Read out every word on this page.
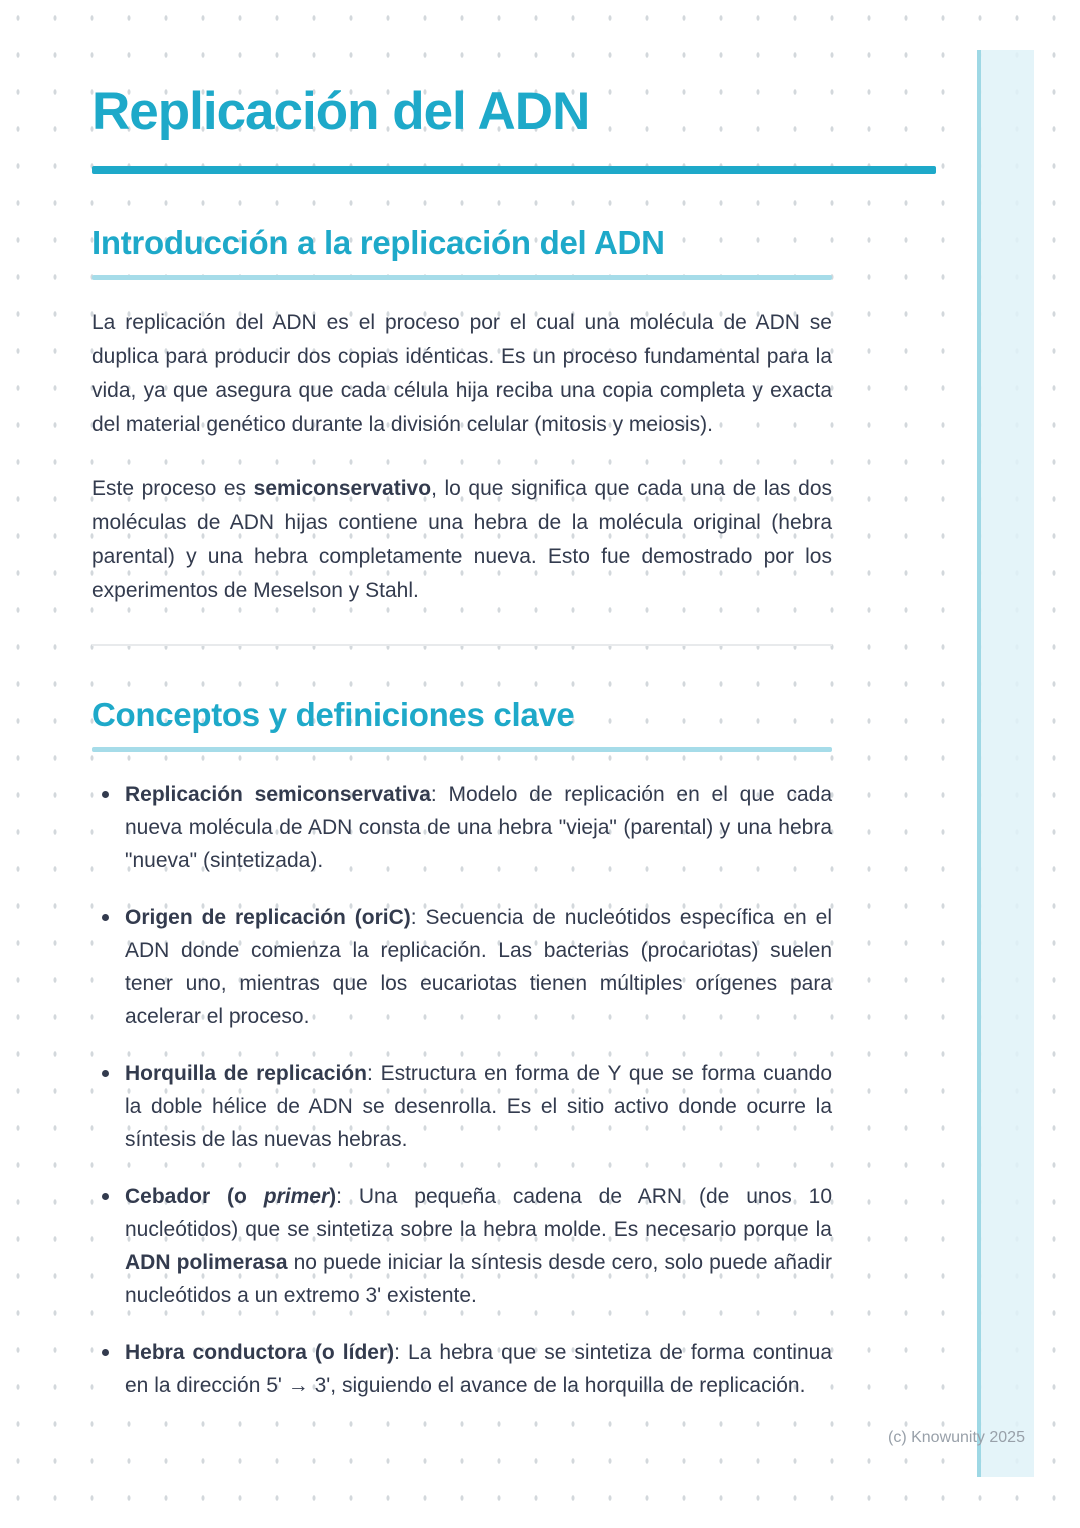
Replicación del ADN
Introducción a la replicación del ADN

La replicación del ADN es el proceso por el cual una molécula de ADN se duplica para producir dos copias idénticas. Es un proceso fundamental para la vida, ya que asegura que cada célula hija reciba una copia completa y exacta del material genético durante la división celular (mitosis y meiosis).

Este proceso es semiconservativo, lo que significa que cada una de las dos moléculas de ADN hijas contiene una hebra de la molécula original (hebra parental) y una hebra completamente nueva. Esto fue demostrado por los experimentos de Meselson y Stahl.

Conceptos y definiciones clave
Replicación semiconservativa: Modelo de replicación en el que cada nueva molécula de ADN consta de una hebra "vieja" (parental) y una hebra "nueva" (sintetizada).
Origen de replicación (oriC): Secuencia de nucleótidos específica en el ADN donde comienza la replicación. Las bacterias (procariotas) suelen tener uno, mientras que los eucariotas tienen múltiples orígenes para acelerar el proceso.
Horquilla de replicación: Estructura en forma de Y que se forma cuando la doble hélice de ADN se desenrolla. Es el sitio activo donde ocurre la síntesis de las nuevas hebras.
Cebador (o primer): Una pequeña cadena de ARN (de unos 10 nucleótidos) que se sintetiza sobre la hebra molde. Es necesario porque la ADN polimerasa no puede iniciar la síntesis desde cero, solo puede añadir nucleótidos a un extremo 3' existente.
Hebra conductora (o líder): La hebra que se sintetiza de forma continua en la dirección 5' → 3', siguiendo el avance de la horquilla de replicación.
(c) Knowunity 2025
